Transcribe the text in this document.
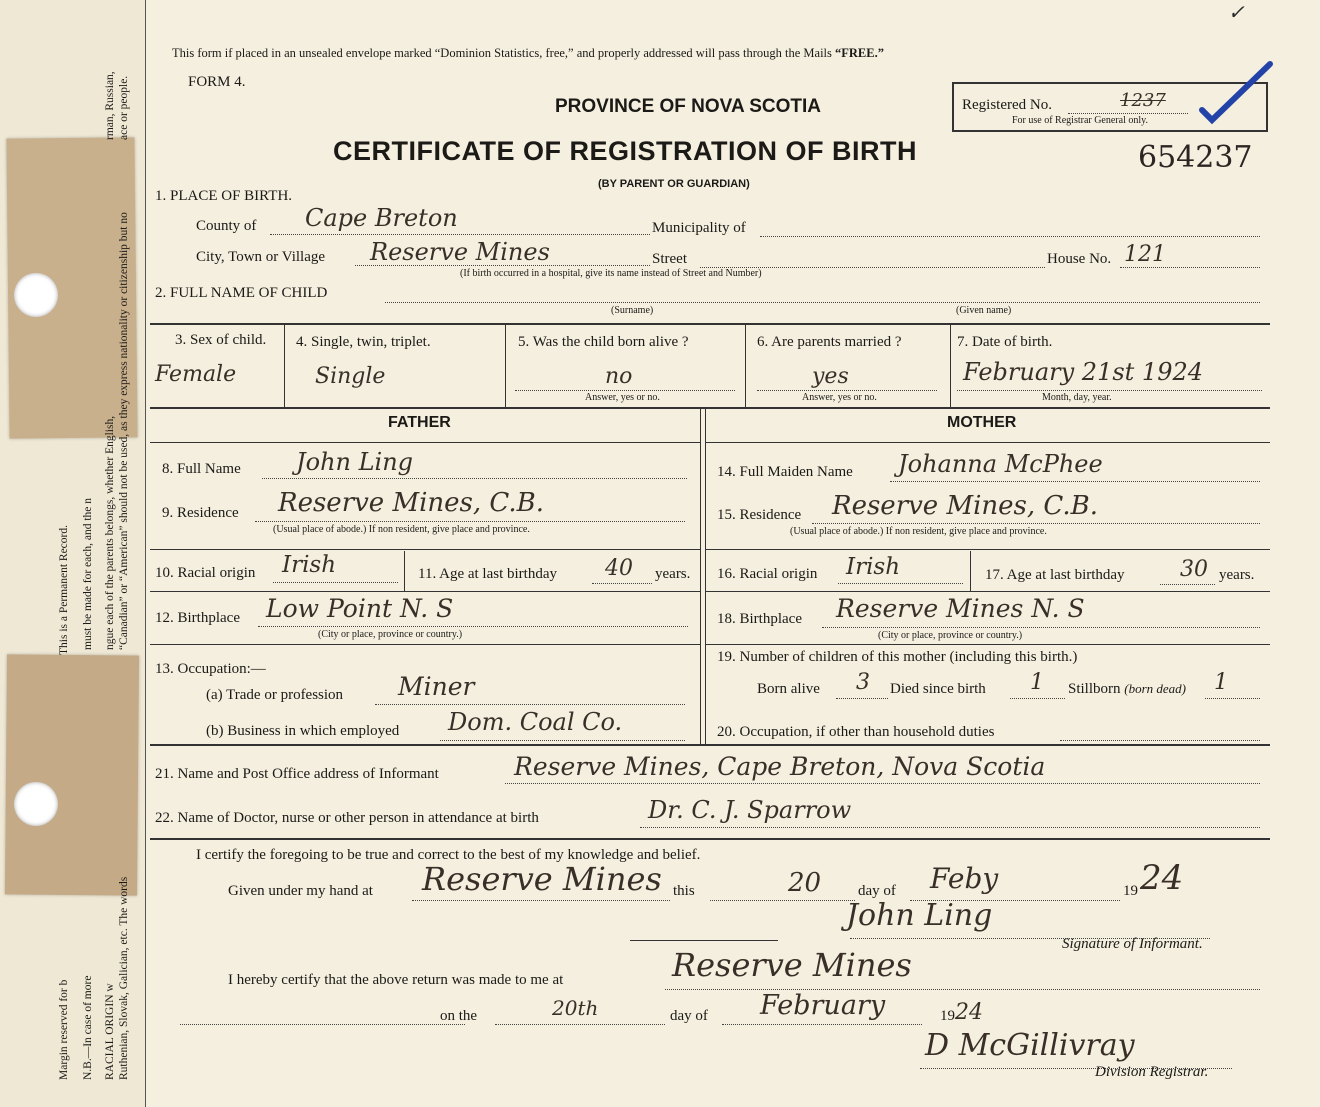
Margin reserved for b N.B.—In case of more RACIAL ORIGIN w Ruthenian, Slovak, Galician, etc. The words
This is a Permanent Record. must be made for each, and the n ngue each of the parents belongs, whether English, “Canadian” or “American” should not be used, as they express nationality or citizenship but no
rman, Russian, ace or people.
This form if placed in an unsealed envelope marked “Dominion Statistics, free,” and properly addressed will pass through the Mails “FREE.”
FORM 4.
PROVINCE OF NOVA SCOTIA
CERTIFICATE OF REGISTRATION OF BIRTH
(BY PARENT OR GUARDIAN)
Registered No.	1237
For use of Registrar General only.
✓
654237
1. PLACE OF BIRTH.
County of Cape Breton	Municipality of
City, Town or Village Reserve Mines	Street	House No. 121
(If birth occurred in a hospital, give its name instead of Street and Number)
2. FULL NAME OF CHILD
(Surname)	(Given name)
3. Sex of child.
Female
4. Single, twin, triplet.
Single
5. Was the child born alive ?
no
Answer, yes or no.
6. Are parents married ?
yes
Answer, yes or no.
7. Date of birth.
February 21st 1924
Month, day, year.
FATHER
8. Full Name John Ling
9. Residence Reserve Mines, C.B.
(Usual place of abode.) If non resident, give place and province.
10. Racial origin Irish	11. Age at last birthday 40 years.
12. Birthplace Low Point N. S
(City or place, province or country.)
13. Occupation:—
(a) Trade or profession Miner
(b) Business in which employed Dom. Coal Co.
MOTHER
14. Full Maiden Name Johanna McPhee
15. Residence Reserve Mines, C.B.
(Usual place of abode.) If non resident, give place and province.
16. Racial origin Irish	17. Age at last birthday	30 years.
18. Birthplace Reserve Mines N. S
(City or place, province or country.)
19. Number of children of this mother (including this birth.)
Born alive 3 Died since birth 1 Stillborn (born dead) 1
20. Occupation, if other than household duties
21. Name and Post Office address of Informant	Reserve Mines, Cape Breton, Nova Scotia
22. Name of Doctor, nurse or other person in attendance at birth	Dr. C. J. Sparrow
I certify the foregoing to be true and correct to the best of my knowledge and belief.
Given under my hand at Reserve Mines this	20 day of Feby	19 24
John Ling
Signature of Informant.
I hereby certify that the above return was made to me at	Reserve Mines
on the	20th	day of February	19 24
D McGillivray
Division Registrar.
